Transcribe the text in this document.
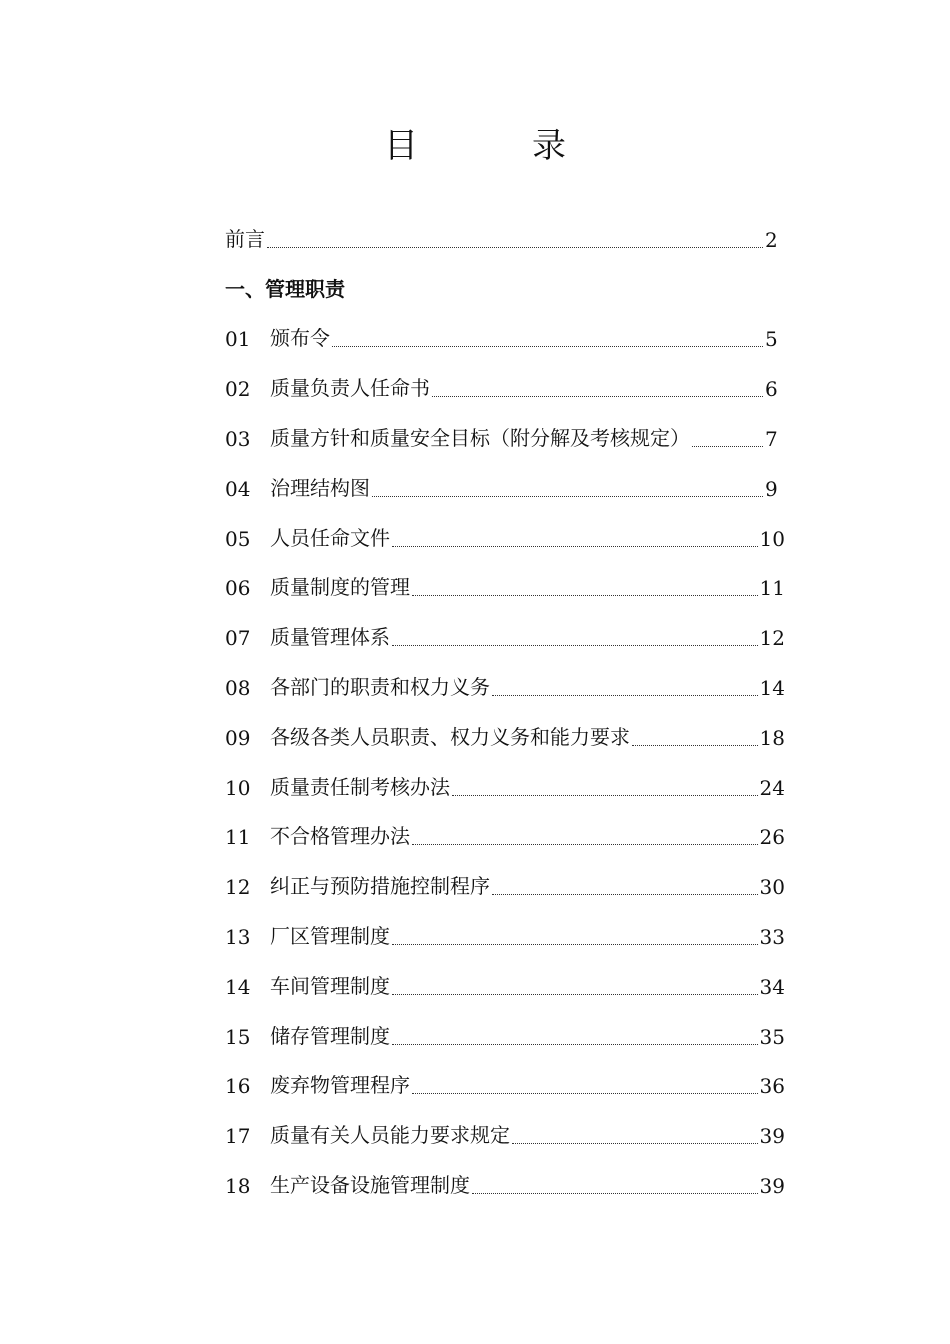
目　录
前言	2
一、管理职责
01 颁布令	5
02 质量负责人任命书	6
03 质量方针和质量安全目标（附分解及考核规定）	7
04 治理结构图	9
05 人员任命文件	10
06 质量制度的管理	11
07 质量管理体系	12
08 各部门的职责和权力义务	14
09 各级各类人员职责、权力义务和能力要求	18
10 质量责任制考核办法	24
11 不合格管理办法	26
12 纠正与预防措施控制程序	30
13 厂区管理制度	33
14 车间管理制度	34
15 储存管理制度	35
16 废弃物管理程序	36
17 质量有关人员能力要求规定	39
18 生产设备设施管理制度	39
